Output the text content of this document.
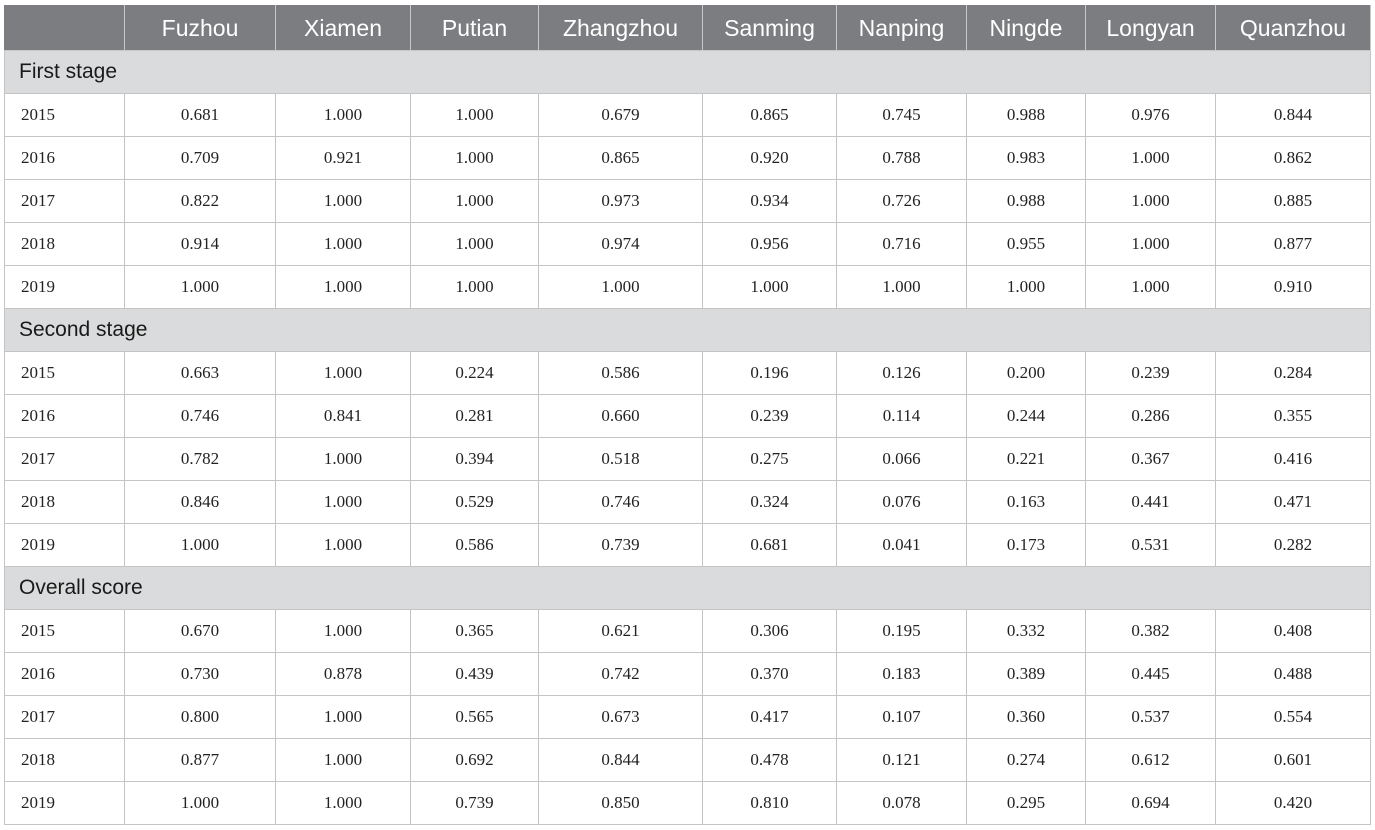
	Fuzhou	Xiamen	Putian	Zhangzhou	Sanming	Nanping	Ningde	Longyan	Quanzhou
First stage									
2015	0.681	1.000	1.000	0.679	0.865	0.745	0.988	0.976	0.844
2016	0.709	0.921	1.000	0.865	0.920	0.788	0.983	1.000	0.862
2017	0.822	1.000	1.000	0.973	0.934	0.726	0.988	1.000	0.885
2018	0.914	1.000	1.000	0.974	0.956	0.716	0.955	1.000	0.877
2019	1.000	1.000	1.000	1.000	1.000	1.000	1.000	1.000	0.910
Second stage									
2015	0.663	1.000	0.224	0.586	0.196	0.126	0.200	0.239	0.284
2016	0.746	0.841	0.281	0.660	0.239	0.114	0.244	0.286	0.355
2017	0.782	1.000	0.394	0.518	0.275	0.066	0.221	0.367	0.416
2018	0.846	1.000	0.529	0.746	0.324	0.076	0.163	0.441	0.471
2019	1.000	1.000	0.586	0.739	0.681	0.041	0.173	0.531	0.282
Overall score									
2015	0.670	1.000	0.365	0.621	0.306	0.195	0.332	0.382	0.408
2016	0.730	0.878	0.439	0.742	0.370	0.183	0.389	0.445	0.488
2017	0.800	1.000	0.565	0.673	0.417	0.107	0.360	0.537	0.554
2018	0.877	1.000	0.692	0.844	0.478	0.121	0.274	0.612	0.601
2019	1.000	1.000	0.739	0.850	0.810	0.078	0.295	0.694	0.420
